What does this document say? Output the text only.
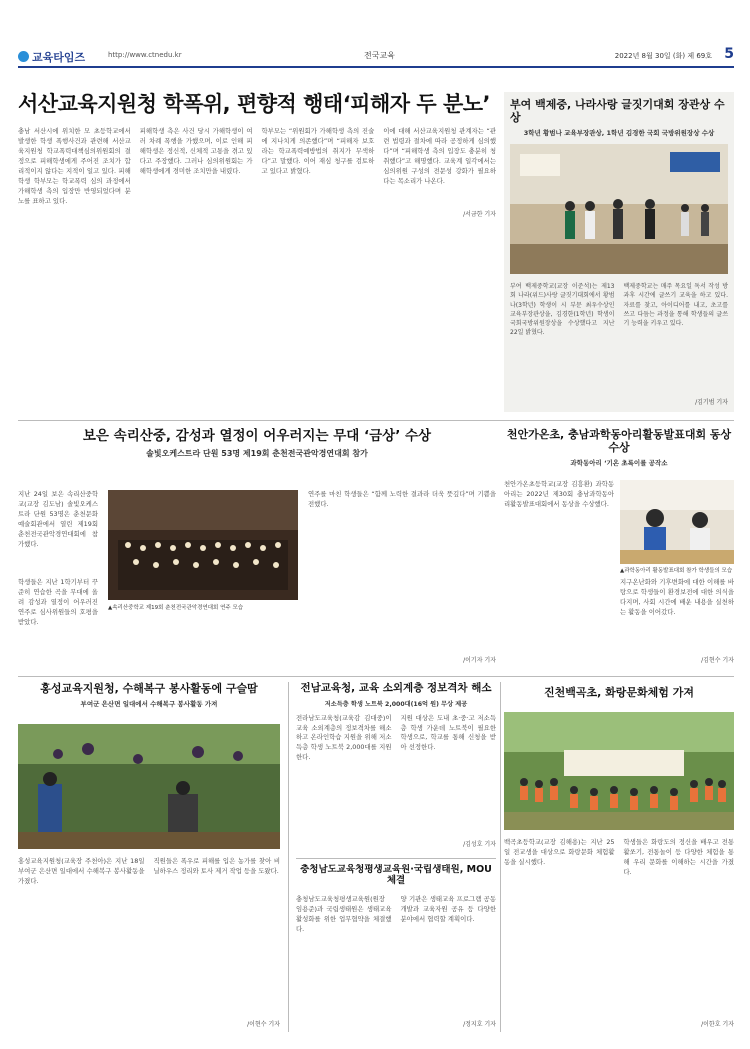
교육타임즈	http://www.ctnedu.kr	전국교육	2022년 8월 30일 (화) 제 69호 5
서산교육지원청 학폭위, 편향적 행태‘피해자 두 분노’
충남 서산시에 위치한 모 초등학교에서 발생한 학생 폭행사건과 관련해 서산교육지원청 학교폭력대책심의위원회의 결정으로 피해학생에게 주어진 조치가 합리적이지 않다는 지적이 일고 있다. 피해학생 학부모는 학교폭력 심의 과정에서 가해학생 측의 입장만 반영되었다며 분노를 표하고 있다.
피해학생 측은 사건 당시 가해학생이 여러 차례 폭행을 가했으며, 이로 인해 피해학생은 정신적, 신체적 고통을 겪고 있다고 주장했다. 그러나 심의위원회는 가해학생에게 경미한 조치만을 내렸다.
학부모는 “위원회가 가해학생 측의 진술에 지나치게 의존했다”며 “피해자 보호라는 학교폭력예방법의 취지가 무색하다”고 말했다. 이어 재심 청구를 검토하고 있다고 밝혔다.
이에 대해 서산교육지원청 관계자는 “관련 법령과 절차에 따라 공정하게 심의했다”며 “피해학생 측의 입장도 충분히 청취했다”고 해명했다. 교육계 일각에서는 심의위원 구성의 전문성 강화가 필요하다는 목소리가 나온다.
/서금한 기자
부여 백제중, 나라사랑 글짓기대회 장관상 수상
3학년 황범나 교육부장관상, 1학년 김경한 국회 국방위원장상 수상
부여 백제중학교(교장 이준석)는 제13회 나라(위드)사랑 글짓기대회에서 황범나(3학년) 학생이 시 부문 최우수상인 교육부장관상을, 김경한(1학년) 학생이 국회국방위원장상을 수상했다고 지난 22일 밝혔다.
백제중학교는 매주 목요일 독서 작성 방과후 시간에 글쓰기 교육을 하고 있다. 자료를 찾고, 아이디어를 내고, 초고를 쓰고 다듬는 과정을 통해 학생들의 글쓰기 능력을 키우고 있다.
/김기범 기자
보은 속리산중, 감성과 열정이 어우러지는 무대 ‘금상’ 수상
솔빛오케스트라 단원 53명 제19회 춘천전국관악경연대회 참가
지난 24일 보은 속리산중학교(교장 김도남) 솔빛오케스트라 단원 53명은 춘천문화예술회관에서 열린 제19회 춘천전국관악경연대회에 참가했다.
학생들은 지난 1학기부터 꾸준히 연습한 곡을 무대에 올려 감성과 열정이 어우러진 연주로 심사위원들의 호평을 받았다.
▲속리산중학교 제19회 춘천전국관악경연대회 연주 모습
연주를 마친 학생들은 “함께 노력한 결과라 더욱 뜻깊다”며 기쁨을 전했다.
/이기자 기자
천안가온초, 충남과학동아리활동발표대회 동상 수상
과학동아리 ‘기온 초록이를 공작소
천안가온초등학교(교장 김흥환) 과학동아리는 2022년 제30회 충남과학동아리활동발표대회에서 동상을 수상했다.
▲과학동아리 활동발표대회 참가 학생들의 모습
지구온난화와 기후변화에 대한 이해를 바탕으로 학생들이 환경보전에 대한 의식을 다지며, 사회 시간에 배운 내용을 실천하는 활동을 이어갔다.
/김현수 기자
홍성교육지원청, 수해복구 봉사활동에 구슬땀
부여군 은산면 일대에서 수해복구 봉사활동 가져
홍성교육지원청(교육장 주천아)은 지난 18일 부여군 은산면 일대에서 수해복구 봉사활동을 가졌다.
직원들은 폭우로 피해를 입은 농가를 찾아 비닐하우스 정리와 토사 제거 작업 등을 도왔다.
/이현수 기자
전남교육청, 교육 소외계층 정보격차 해소
저소득층 학생 노트북 2,000대(16억 원) 무상 제공
전라남도교육청(교육감 김대중)이 교육 소외계층의 정보격차를 해소하고 온라인학습 지원을 위해 저소득층 학생 노트북 2,000대를 지원한다.
지원 대상은 도내 초·중·고 저소득층 학생 가운데 노트북이 필요한 학생으로, 학교를 통해 신청을 받아 선정한다.
/김성호 기자
충청남도교육청평생교육원·국립생태원, MOU 체결
충청남도교육청평생교육원(원장 임용준)과 국립생태원은 생태교육 활성화를 위한 업무협약을 체결했다.
양 기관은 생태교육 프로그램 공동 개발과 교육자원 공유 등 다양한 분야에서 협력할 계획이다.
/정지호 기자
진천백곡초, 화랑문화체험 가져
백곡초등학교(교장 김해용)는 지난 25일 전교생을 대상으로 화랑문화 체험활동을 실시했다.
학생들은 화랑도의 정신을 배우고 전통 활쏘기, 전통놀이 등 다양한 체험을 통해 우리 문화를 이해하는 시간을 가졌다.
/이한호 기자
